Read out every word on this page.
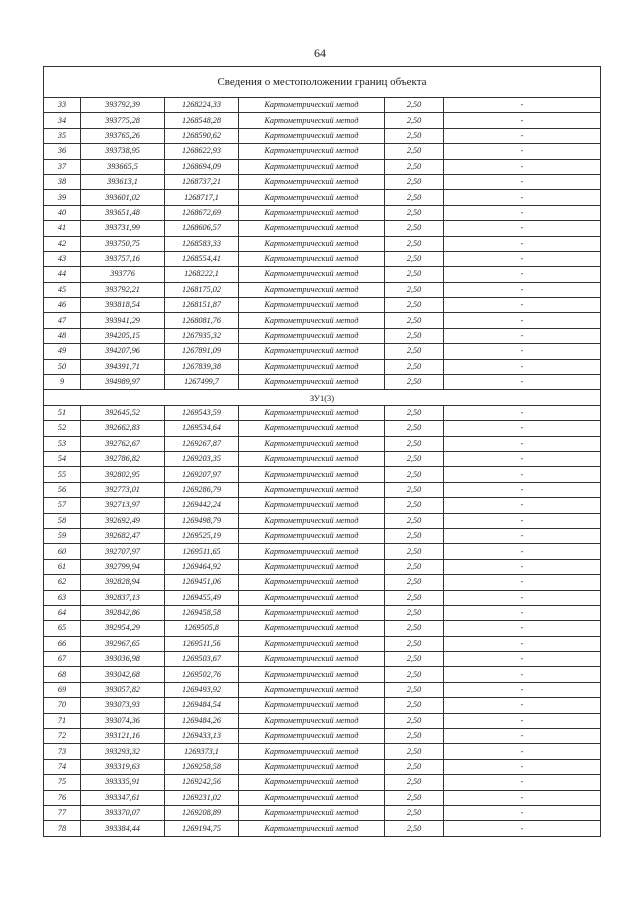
64
Сведения о местоположении границ объекта					
33	393792,39	1268224,33	Картометрический метод	2,50	-
34	393775,28	1268548,28	Картометрический метод	2,50	-
35	393765,26	1268590,62	Картометрический метод	2,50	-
36	393738,95	1268622,93	Картометрический метод	2,50	-
37	393665,5	1268694,09	Картометрический метод	2,50	-
38	393613,1	1268737,21	Картометрический метод	2,50	-
39	393601,02	1268717,1	Картометрический метод	2,50	-
40	393651,48	1268672,69	Картометрический метод	2,50	-
41	393731,99	1268606,57	Картометрический метод	2,50	-
42	393750,75	1268583,33	Картометрический метод	2,50	-
43	393757,16	1268554,41	Картометрический метод	2,50	-
44	393776	1268222,1	Картометрический метод	2,50	-
45	393792,21	1268175,02	Картометрический метод	2,50	-
46	393818,54	1268151,87	Картометрический метод	2,50	-
47	393941,29	1268081,76	Картометрический метод	2,50	-
48	394205,15	1267935,32	Картометрический метод	2,50	-
49	394207,96	1267891,09	Картометрический метод	2,50	-
50	394391,71	1267839,38	Картометрический метод	2,50	-
9	394989,97	1267499,7	Картометрический метод	2,50	-
ЗУ1(3)					
51	392645,52	1269543,59	Картометрический метод	2,50	-
52	392662,83	1269534,64	Картометрический метод	2,50	-
53	392762,67	1269267,87	Картометрический метод	2,50	-
54	392786,82	1269203,35	Картометрический метод	2,50	-
55	392802,95	1269207,97	Картометрический метод	2,50	-
56	392773,01	1269286,79	Картометрический метод	2,50	-
57	392713,97	1269442,24	Картометрический метод	2,50	-
58	392692,49	1269498,79	Картометрический метод	2,50	-
59	392682,47	1269525,19	Картометрический метод	2,50	-
60	392707,97	1269511,65	Картометрический метод	2,50	-
61	392799,94	1269464,92	Картометрический метод	2,50	-
62	392828,94	1269451,06	Картометрический метод	2,50	-
63	392837,13	1269455,49	Картометрический метод	2,50	-
64	392842,86	1269458,58	Картометрический метод	2,50	-
65	392954,29	1269505,8	Картометрический метод	2,50	-
66	392967,65	1269511,56	Картометрический метод	2,50	-
67	393036,98	1269503,67	Картометрический метод	2,50	-
68	393042,68	1269502,76	Картометрический метод	2,50	-
69	393057,82	1269493,92	Картометрический метод	2,50	-
70	393073,93	1269484,54	Картометрический метод	2,50	-
71	393074,36	1269484,26	Картометрический метод	2,50	-
72	393121,16	1269433,13	Картометрический метод	2,50	-
73	393293,32	1269373,1	Картометрический метод	2,50	-
74	393319,63	1269258,58	Картометрический метод	2,50	-
75	393335,91	1269242,56	Картометрический метод	2,50	-
76	393347,61	1269231,02	Картометрический метод	2,50	-
77	393370,07	1269208,89	Картометрический метод	2,50	-
78	393384,44	1269194,75	Картометрический метод	2,50	-
